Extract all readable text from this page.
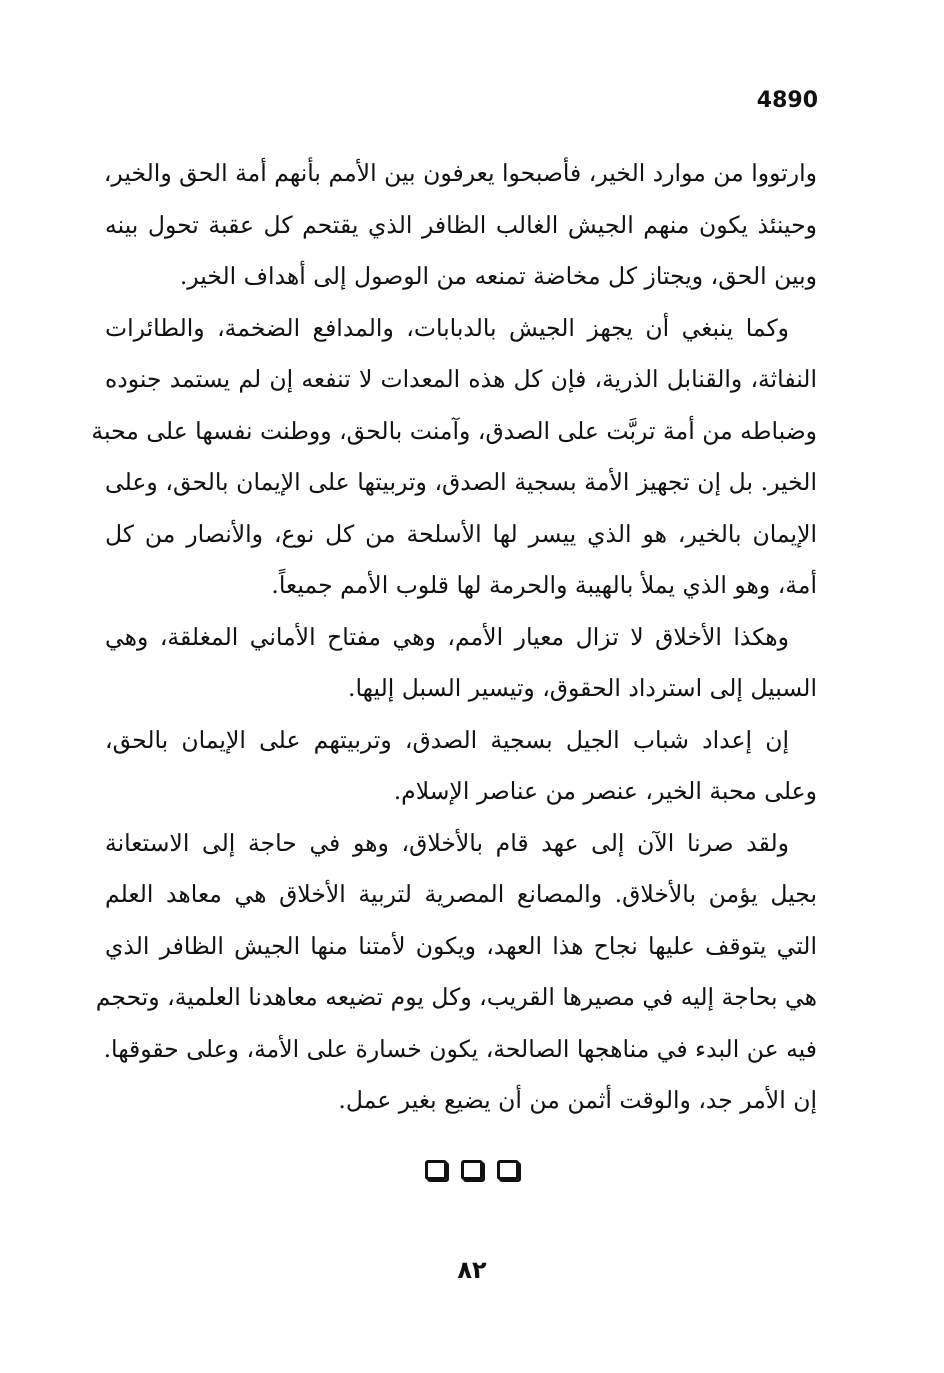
4890
وارتووا من موارد الخير، فأصبحوا يعرفون بين الأمم بأنهم أمة الحق والخير،
وحينئذ يكون منهم الجيش الغالب الظافر الذي يقتحم كل عقبة تحول بينه
وبين الحق، ويجتاز كل مخاضة تمنعه من الوصول إلى أهداف الخير.
وكما ينبغي أن يجهز الجيش بالدبابات، والمدافع الضخمة، والطائرات
النفاثة، والقنابل الذرية، فإن كل هذه المعدات لا تنفعه إن لم يستمد جنوده
وضباطه من أمة تربَّت على الصدق، وآمنت بالحق، ووطنت نفسها على محبة
الخير. بل إن تجهيز الأمة بسجية الصدق، وتربيتها على الإيمان بالحق، وعلى
الإيمان بالخير، هو الذي ييسر لها الأسلحة من كل نوع، والأنصار من كل
أمة، وهو الذي يملأ بالهيبة والحرمة لها قلوب الأمم جميعاً.
وهكذا الأخلاق لا تزال معيار الأمم، وهي مفتاح الأماني المغلقة، وهي
السبيل إلى استرداد الحقوق، وتيسير السبل إليها.
إن إعداد شباب الجيل بسجية الصدق، وتربيتهم على الإيمان بالحق،
وعلى محبة الخير، عنصر من عناصر الإسلام.
ولقد صرنا الآن إلى عهد قام بالأخلاق، وهو في حاجة إلى الاستعانة
بجيل يؤمن بالأخلاق. والمصانع المصرية لتربية الأخلاق هي معاهد العلم
التي يتوقف عليها نجاح هذا العهد، ويكون لأمتنا منها الجيش الظافر الذي
هي بحاجة إليه في مصيرها القريب، وكل يوم تضيعه معاهدنا العلمية، وتحجم
فيه عن البدء في مناهجها الصالحة، يكون خسارة على الأمة، وعلى حقوقها.
إن الأمر جد، والوقت أثمن من أن يضيع بغير عمل.
٨٢
